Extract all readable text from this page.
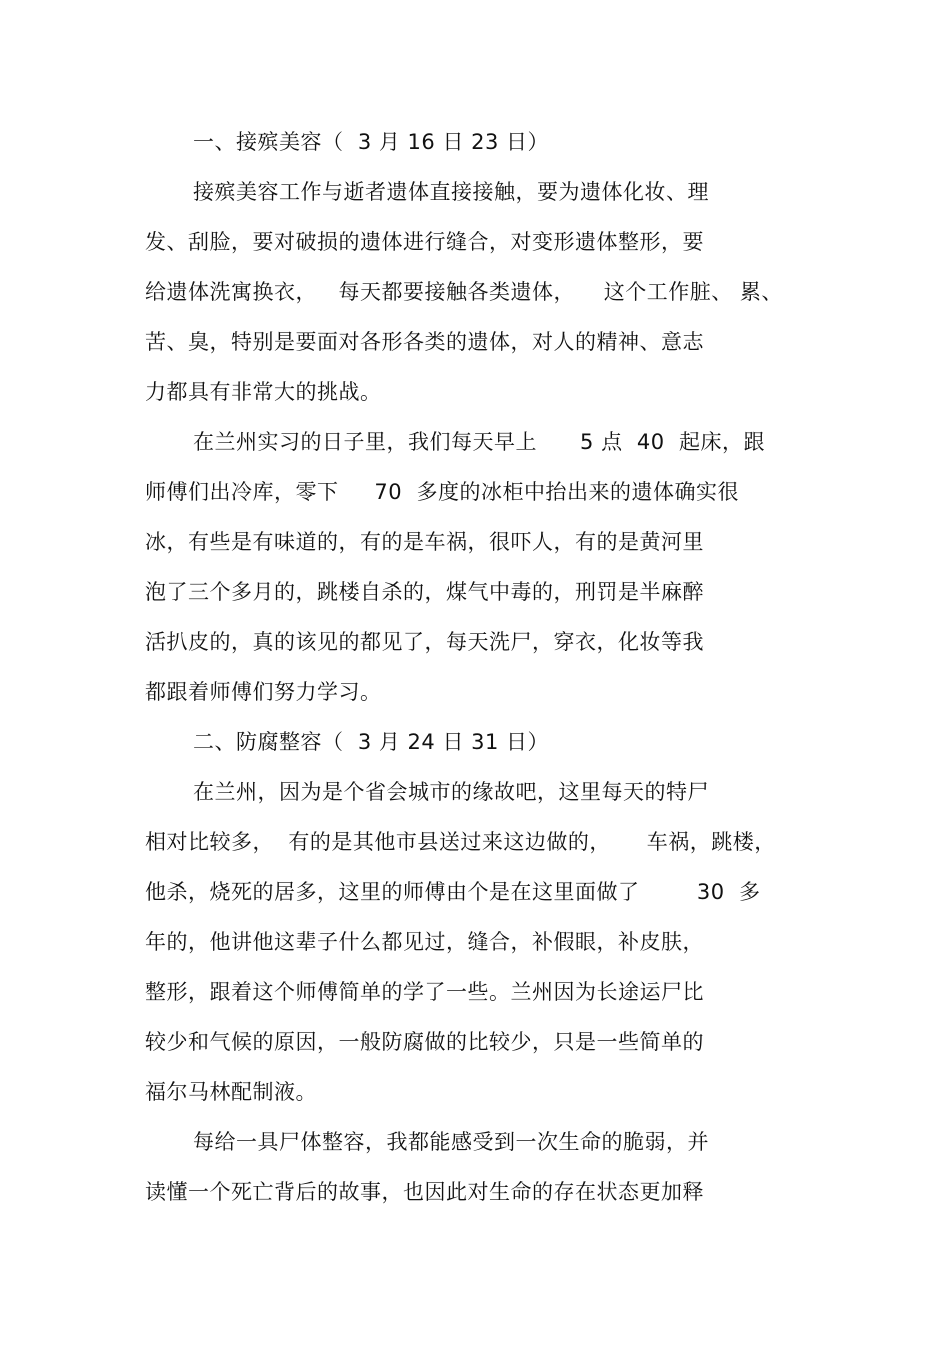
一、接殡美容（  3 月 16 日 23 日）
接殡美容工作与逝者遗体直接接触，要为遗体化妆、理
发、刮脸，要对破损的遗体进行缝合，对变形遗体整形，要
给遗体洗寓换衣，   每天都要接触各类遗体，    这个工作脏、 累、
苦、臭，特别是要面对各形各类的遗体，对人的精神、意志
力都具有非常大的挑战。
在兰州实习的日子里，我们每天早上      5 点  40  起床，跟
师傅们出冷库，零下     70  多度的冰柜中抬出来的遗体确实很
冰，有些是有味道的，有的是车祸，很吓人，有的是黄河里
泡了三个多月的，跳楼自杀的，煤气中毒的，刑罚是半麻醉
活扒皮的，真的该见的都见了，每天洗尸，穿衣，化妆等我
都跟着师傅们努力学习。
二、防腐整容（  3 月 24 日 31 日）
在兰州，因为是个省会城市的缘故吧，这里每天的特尸
相对比较多，  有的是其他市县送过来这边做的，     车祸，跳楼，
他杀，烧死的居多，这里的师傅由个是在这里面做了        30  多
年的，他讲他这辈子什么都见过，缝合，补假眼，补皮肤，
整形，跟着这个师傅简单的学了一些。兰州因为长途运尸比
较少和气候的原因，一般防腐做的比较少，只是一些简单的
福尔马林配制液。
每给一具尸体整容，我都能感受到一次生命的脆弱，并
读懂一个死亡背后的故事，也因此对生命的存在状态更加释
